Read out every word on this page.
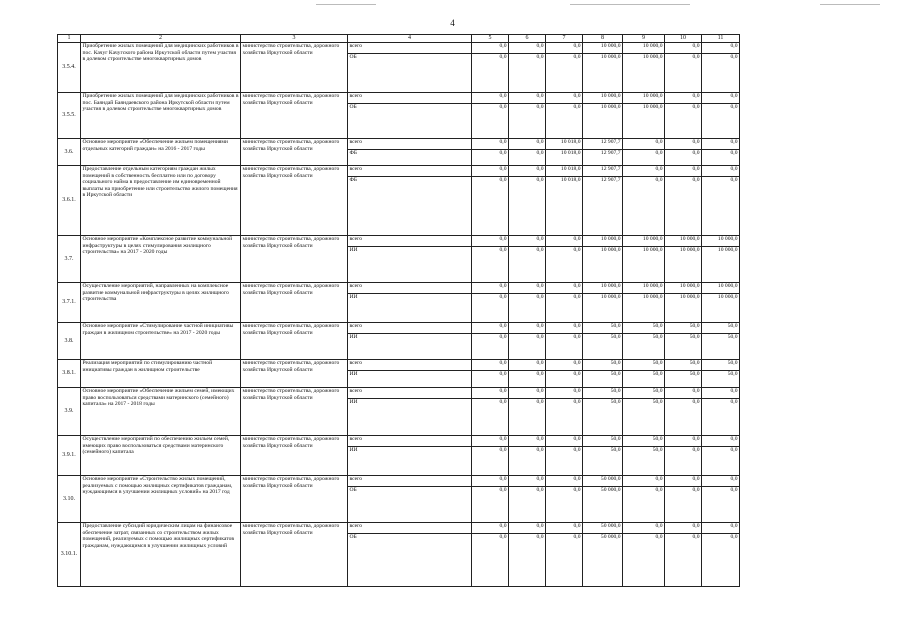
4
1	2	3	4	5	6	7	8	9	10	11
3.5.4.	Приобретение жилых помещений для медицинских работников в пос. Качуг Качугского района Иркутской области путем участия в долевом строительстве многоквартирных домов	министерство строительства, дорожного хозяйства Иркутской области	всего	0,0	0,0	0,0	10 000,0	10 000,0	0,0	0,0
			ОБ	0,0	0,0	0,0	10 000,0	10 000,0	0,0	0,0
3.5.5.	Приобретение жилых помещений для медицинских работников в пос. Баяндай Баяндаевского района Иркутской области путем участия в долевом строительстве многоквартирных домов	министерство строительства, дорожного хозяйства Иркутской области	всего	0,0	0,0	0,0	10 000,0	10 000,0	0,0	0,0
			ОБ	0,0	0,0	0,0	10 000,0	10 000,0	0,0	0,0
3.6.	Основное мероприятие «Обеспечение жильем помещениями отдельных категорий граждан» на 2016 - 2017 годы	министерство строительства, дорожного хозяйства Иркутской области	всего	0,0	0,0	10 018,0	12 907,7	0,0	0,0	0,0
			ФБ	0,0	0,0	10 018,0	12 907,7	0,0	0,0	0,0
3.6.1.	Предоставление отдельным категориям граждан жилых помещений в собственность бесплатно или по договору социального найма в предоставление им единовременной выплаты на приобретение или строительство жилого помещения в Иркутской области	министерство строительства, дорожного хозяйства Иркутской области	всего	0,0	0,0	10 018,0	12 907,7	0,0	0,0	0,0
			ФБ	0,0	0,0	10 018,0	12 907,7	0,0	0,0	0,0
3.7.	Основное мероприятие «Комплексное развитие коммунальной инфраструктуры в целях стимулирования жилищного строительства» на 2017 - 2020 годы	министерство строительства, дорожного хозяйства Иркутской области	всего	0,0	0,0	0,0	10 000,0	10 000,0	10 000,0	10 000,0
			ИИ	0,0	0,0	0,0	10 000,0	10 000,0	10 000,0	10 000,0
3.7.1.	Осуществление мероприятий, направленных на комплексное развитие коммунальной инфраструктуры в целях жилищного строительства	министерство строительства, дорожного хозяйства Иркутской области	всего	0,0	0,0	0,0	10 000,0	10 000,0	10 000,0	10 000,0
			ИИ	0,0	0,0	0,0	10 000,0	10 000,0	10 000,0	10 000,0
3.8.	Основное мероприятие «Стимулирование частной инициативы граждан в жилищном строительстве» на 2017 - 2020 годы	министерство строительства, дорожного хозяйства Иркутской области	всего	0,0	0,0	0,0	50,0	50,0	50,0	50,0
			ИИ	0,0	0,0	0,0	50,0	50,0	50,0	50,0
3.8.1.	Реализация мероприятий по стимулированию частной инициативы граждан в жилищном строительстве	министерство строительства, дорожного хозяйства Иркутской области	всего	0,0	0,0	0,0	50,0	50,0	50,0	50,0
			ИИ	0,0	0,0	0,0	50,0	50,0	50,0	50,0
3.9.	Основное мероприятие «Обеспечение жильем семей, имеющих право воспользоваться средствами материнского (семейного) капитала» на 2017 - 2018 годы	министерство строительства, дорожного хозяйства Иркутской области	всего	0,0	0,0	0,0	50,0	50,0	0,0	0,0
			ИИ	0,0	0,0	0,0	50,0	50,0	0,0	0,0
3.9.1.	Осуществление мероприятий по обеспечению жильем семей, имеющих право воспользоваться средствами материнского (семейного) капитала	министерство строительства, дорожного хозяйства Иркутской области	всего	0,0	0,0	0,0	50,0	50,0	0,0	0,0
			ИИ	0,0	0,0	0,0	50,0	50,0	0,0	0,0
3.10.	Основное мероприятие «Строительство жилых помещений, реализуемых с помощью жилищных сертификатов гражданам, нуждающимся в улучшении жилищных условий» на 2017 год	министерство строительства, дорожного хозяйства Иркутской области	всего	0,0	0,0	0,0	50 000,0	0,0	0,0	0,0
			ОБ	0,0	0,0	0,0	50 000,0	0,0	0,0	0,0
3.10.1.	Предоставление субсидий юридическим лицам на финансовое обеспечение затрат, связанных со строительством жилых помещений, реализуемых с помощью жилищных сертификатов гражданам, нуждающимся в улучшении жилищных условий	министерство строительства, дорожного хозяйства Иркутской области	всего	0,0	0,0	0,0	50 000,0	0,0	0,0	0,0
			ОБ	0,0	0,0	0,0	50 000,0	0,0	0,0	0,0
